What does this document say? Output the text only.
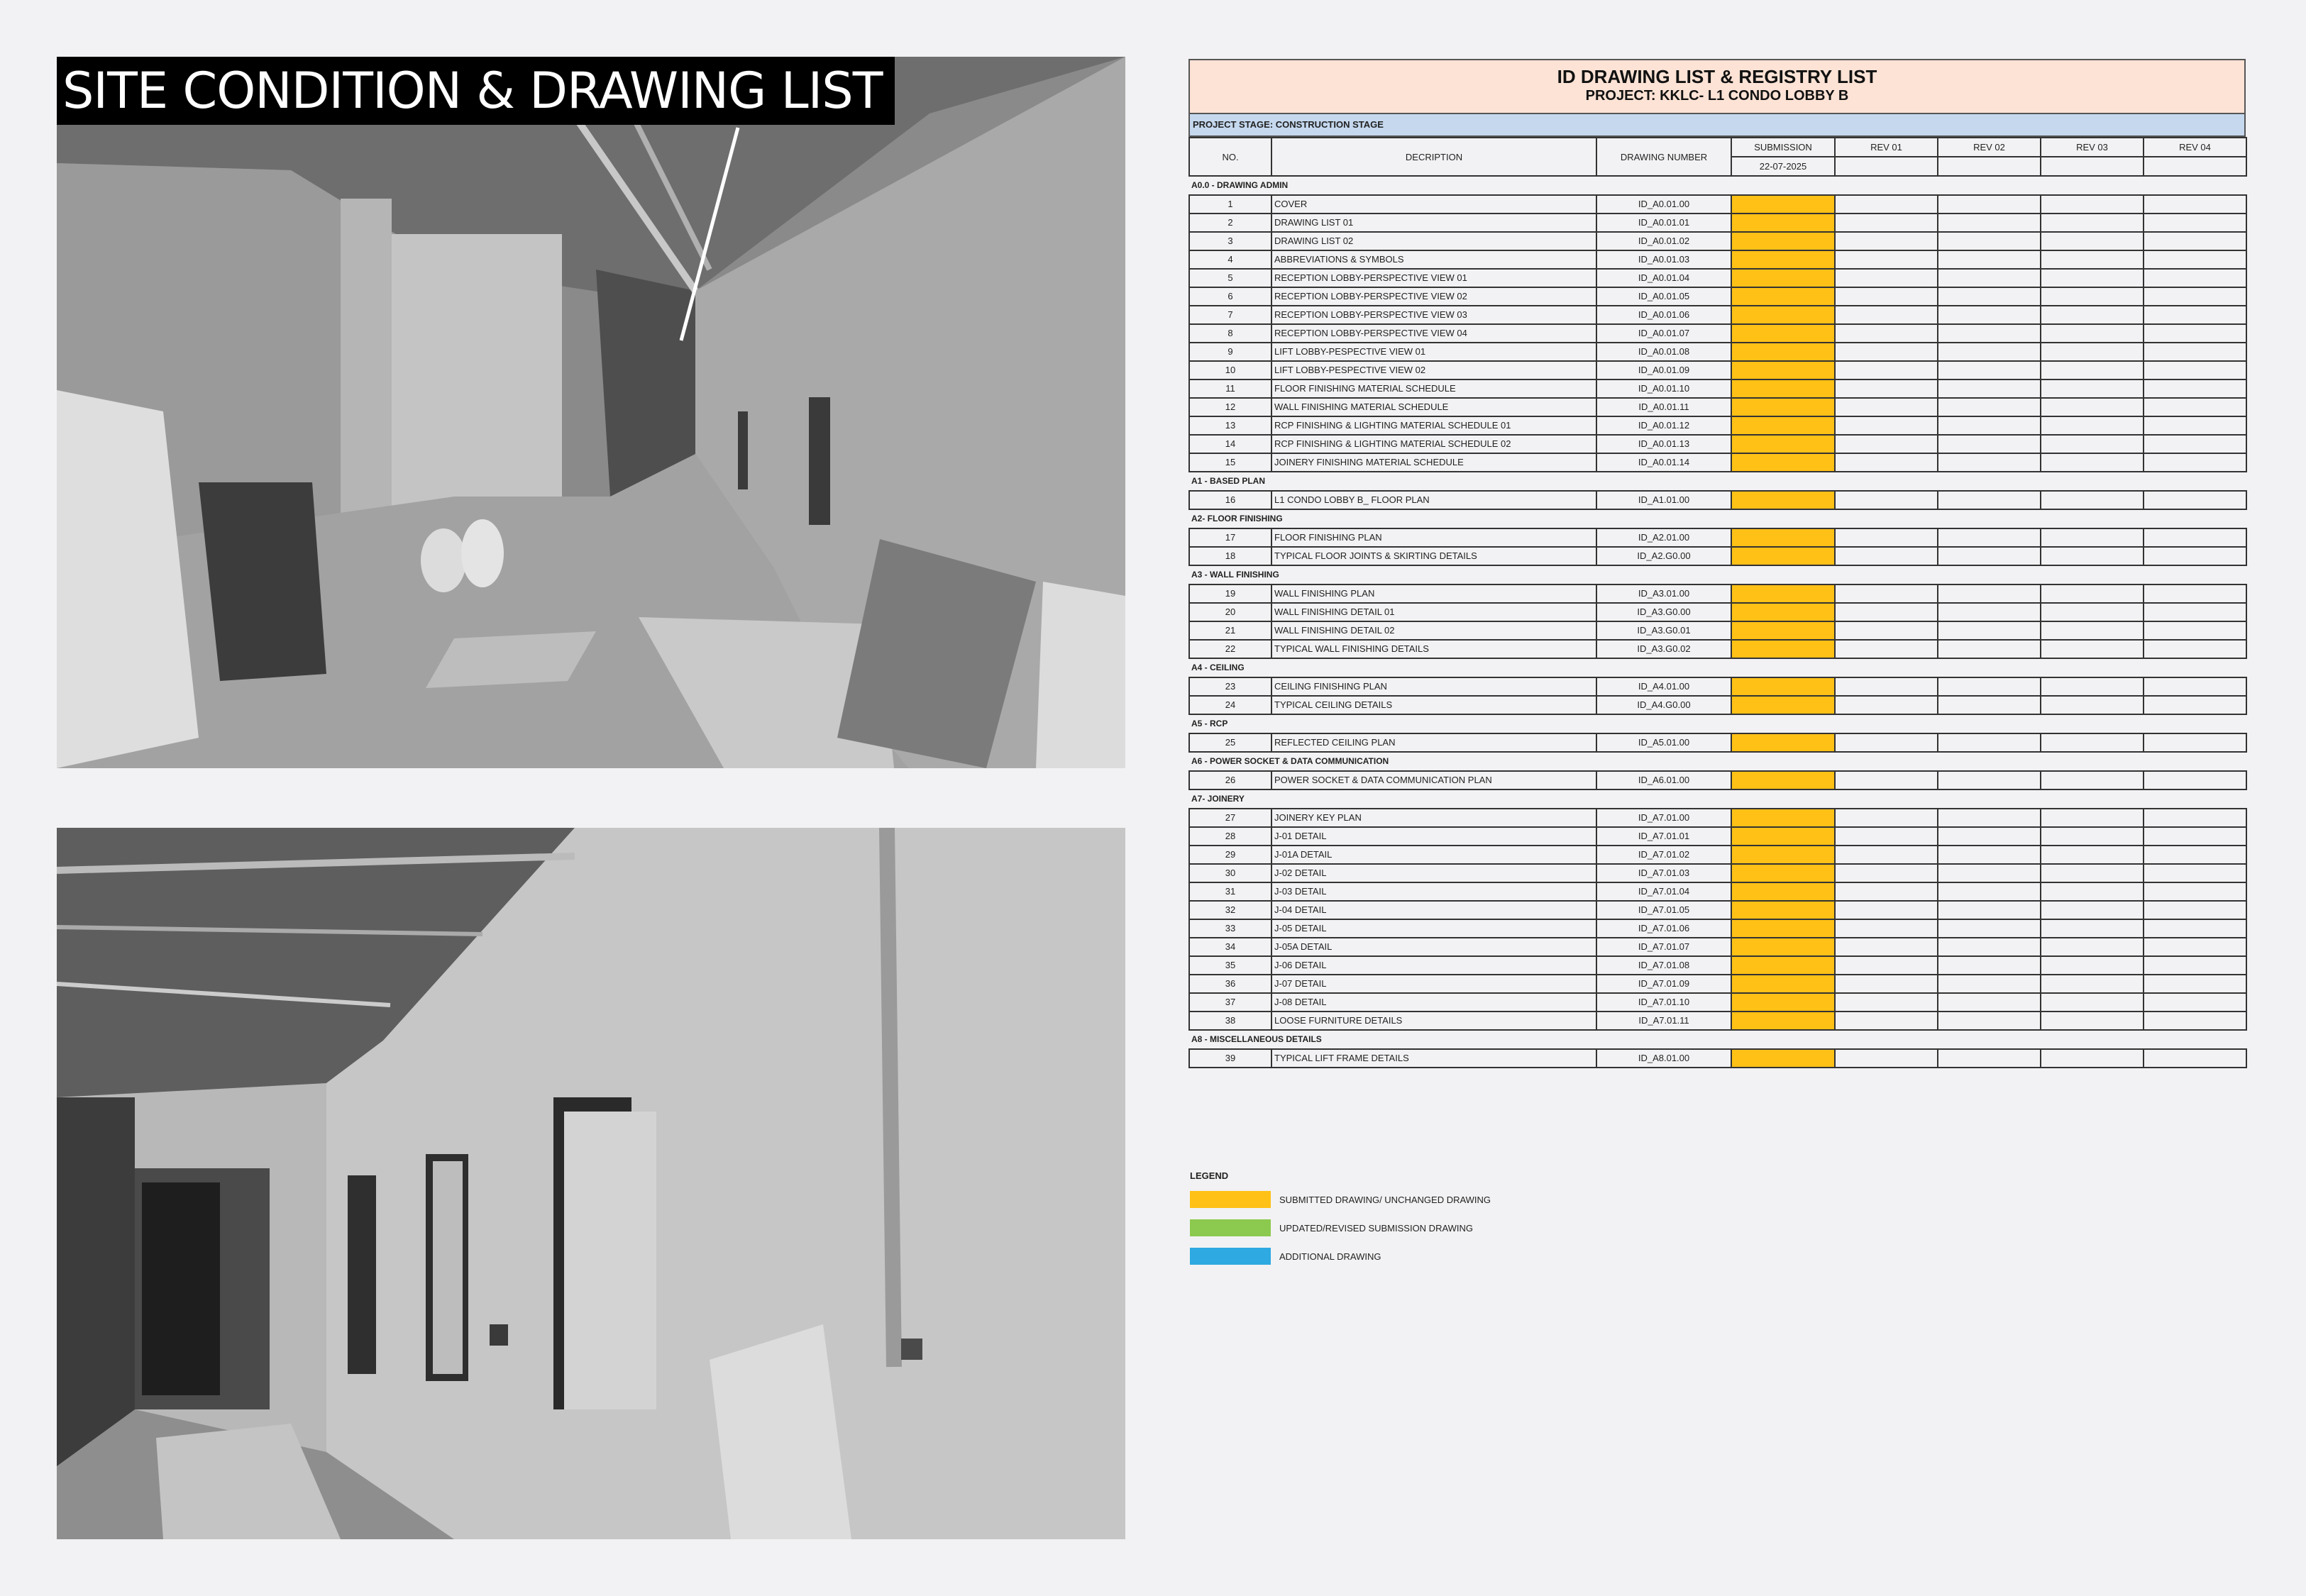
SITE CONDITION & DRAWING LIST	ID DRAWING LIST & REGISTRY LIST
PROJECT: KKLC- L1 CONDO LOBBY B
PROJECT STAGE: CONSTRUCTION STAGE
NO.	DECRIPTION	DRAWING NUMBER	SUBMISSION	REV 01	REV 02	REV 03	REV 04
			22-07-2025				
A0.0 - DRAWING ADMIN							
1	COVER	ID_A0.01.00					
2	DRAWING LIST 01	ID_A0.01.01					
3	DRAWING LIST 02	ID_A0.01.02					
4	ABBREVIATIONS & SYMBOLS	ID_A0.01.03					
5	RECEPTION LOBBY-PERSPECTIVE VIEW 01	ID_A0.01.04					
6	RECEPTION LOBBY-PERSPECTIVE VIEW 02	ID_A0.01.05					
7	RECEPTION LOBBY-PERSPECTIVE VIEW 03	ID_A0.01.06					
8	RECEPTION LOBBY-PERSPECTIVE VIEW 04	ID_A0.01.07					
9	LIFT LOBBY-PESPECTIVE VIEW 01	ID_A0.01.08					
10	LIFT LOBBY-PESPECTIVE VIEW 02	ID_A0.01.09					
11	FLOOR FINISHING MATERIAL SCHEDULE	ID_A0.01.10					
12	WALL FINISHING MATERIAL SCHEDULE	ID_A0.01.11					
13	RCP FINISHING & LIGHTING MATERIAL SCHEDULE 01	ID_A0.01.12					
14	RCP FINISHING & LIGHTING MATERIAL SCHEDULE 02	ID_A0.01.13					
15	JOINERY FINISHING MATERIAL SCHEDULE	ID_A0.01.14					
A1 - BASED PLAN							
16	L1 CONDO LOBBY B_ FLOOR PLAN	ID_A1.01.00					
A2- FLOOR FINISHING							
17	FLOOR FINISHING PLAN	ID_A2.01.00					
18	TYPICAL FLOOR JOINTS & SKIRTING DETAILS	ID_A2.G0.00					
A3 - WALL FINISHING							
19	WALL FINISHING PLAN	ID_A3.01.00					
20	WALL FINISHING DETAIL 01	ID_A3.G0.00					
21	WALL FINISHING DETAIL 02	ID_A3.G0.01					
22	TYPICAL WALL FINISHING DETAILS	ID_A3.G0.02					
A4 - CEILING							
23	CEILING FINISHING PLAN	ID_A4.01.00					
24	TYPICAL CEILING DETAILS	ID_A4.G0.00					
A5 - RCP							
25	REFLECTED CEILING PLAN	ID_A5.01.00					
A6 - POWER SOCKET & DATA COMMUNICATION							
26	POWER SOCKET & DATA COMMUNICATION PLAN	ID_A6.01.00					
A7- JOINERY							
27	JOINERY KEY PLAN	ID_A7.01.00					
28	J-01 DETAIL	ID_A7.01.01					
29	J-01A DETAIL	ID_A7.01.02					
30	J-02 DETAIL	ID_A7.01.03					
31	J-03 DETAIL	ID_A7.01.04					
32	J-04 DETAIL	ID_A7.01.05					
33	J-05 DETAIL	ID_A7.01.06					
34	J-05A DETAIL	ID_A7.01.07					
35	J-06 DETAIL	ID_A7.01.08					
36	J-07 DETAIL	ID_A7.01.09					
37	J-08 DETAIL	ID_A7.01.10					
38	LOOSE FURNITURE DETAILS	ID_A7.01.11					
A8 - MISCELLANEOUS DETAILS							
39	TYPICAL LIFT FRAME DETAILS	ID_A8.01.00					
LEGEND
SUBMITTED DRAWING/ UNCHANGED DRAWING
UPDATED/REVISED SUBMISSION DRAWING
ADDITIONAL DRAWING
